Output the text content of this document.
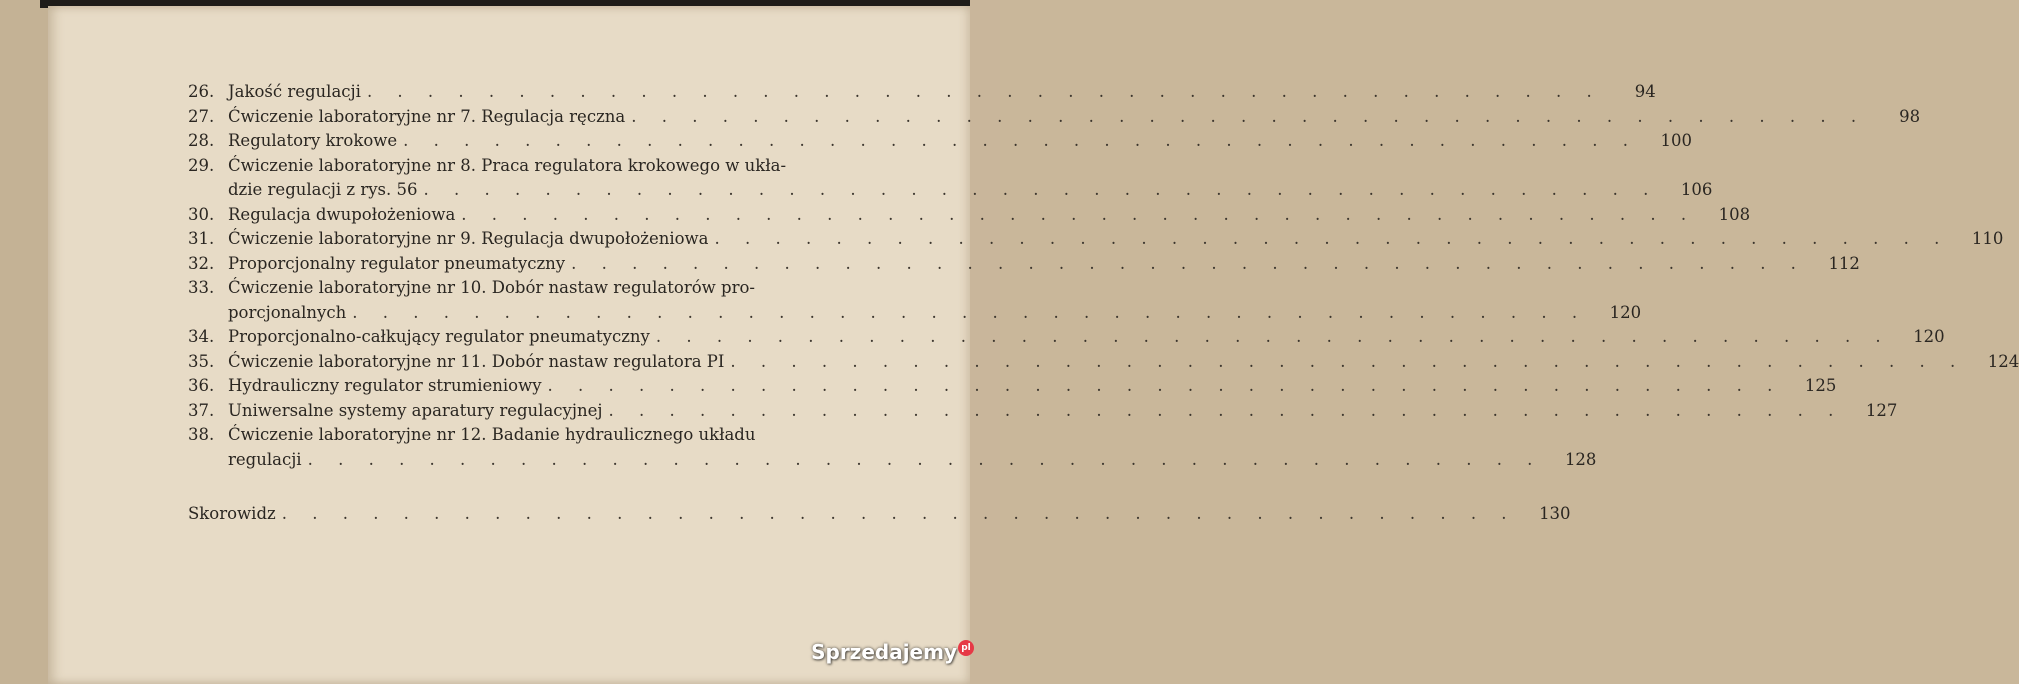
26. Jakość regulacji . . . . . . . . . . . . . . . . . . . . . . . . . . . . . . . . . . . . . . . . .	94
27. Ćwiczenie laboratoryjne nr 7. Regulacja ręczna . . . . . . . . . . . . . . . . . . . . . . . . . . . . . . . . . . . . . . . . .	98
28. Regulatory krokowe . . . . . . . . . . . . . . . . . . . . . . . . . . . . . . . . . . . . . . . . .	100
29. Ćwiczenie laboratoryjne nr 8. Praca regulatora krokowego w ukła-
dzie regulacji z rys. 56 . . . . . . . . . . . . . . . . . . . . . . . . . . . . . . . . . . . . . . . . .	106
30. Regulacja dwupołożeniowa . . . . . . . . . . . . . . . . . . . . . . . . . . . . . . . . . . . . . . . . .	108
31. Ćwiczenie laboratoryjne nr 9. Regulacja dwupołożeniowa . . . . . . . . . . . . . . . . . . . . . . . . . . . . . . . . . . . . . . . . .	110
32. Proporcjonalny regulator pneumatyczny . . . . . . . . . . . . . . . . . . . . . . . . . . . . . . . . . . . . . . . . .	112
33. Ćwiczenie laboratoryjne nr 10. Dobór nastaw regulatorów pro-
porcjonalnych . . . . . . . . . . . . . . . . . . . . . . . . . . . . . . . . . . . . . . . . .	120
34. Proporcjonalno-całkujący regulator pneumatyczny . . . . . . . . . . . . . . . . . . . . . . . . . . . . . . . . . . . . . . . . .	120
35. Ćwiczenie laboratoryjne nr 11. Dobór nastaw regulatora PI . . . . . . . . . . . . . . . . . . . . . . . . . . . . . . . . . . . . . . . . .	124
36. Hydrauliczny regulator strumieniowy . . . . . . . . . . . . . . . . . . . . . . . . . . . . . . . . . . . . . . . . .	125
37. Uniwersalne systemy aparatury regulacyjnej . . . . . . . . . . . . . . . . . . . . . . . . . . . . . . . . . . . . . . . . .	127
38. Ćwiczenie laboratoryjne nr 12. Badanie hydraulicznego układu
regulacji . . . . . . . . . . . . . . . . . . . . . . . . . . . . . . . . . . . . . . . . .	128
Skorowidz . . . . . . . . . . . . . . . . . . . . . . . . . . . . . . . . . . . . . . . . .	130
Sprzedajemy pl
